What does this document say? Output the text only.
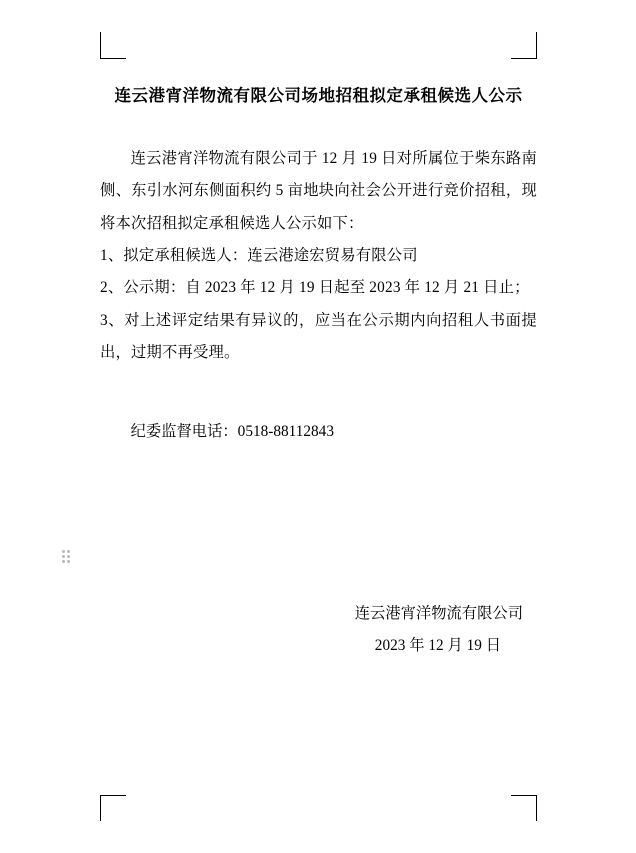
连云港宵洋物流有限公司场地招租拟定承租候选人公示

连云港宵洋物流有限公司于 12 月 19 日对所属位于柴东路南侧、东引水河东侧面积约 5 亩地块向社会公开进行竞价招租，现将本次招租拟定承租候选人公示如下：

1、拟定承租候选人：连云港途宏贸易有限公司

2、公示期：自 2023 年 12 月 19 日起至 2023 年 12 月 21 日止；

3、对上述评定结果有异议的，应当在公示期内向招租人书面提出，过期不再受理。

纪委监督电话：0518-88112843
连云港宵洋物流有限公司
2023 年 12 月 19 日
